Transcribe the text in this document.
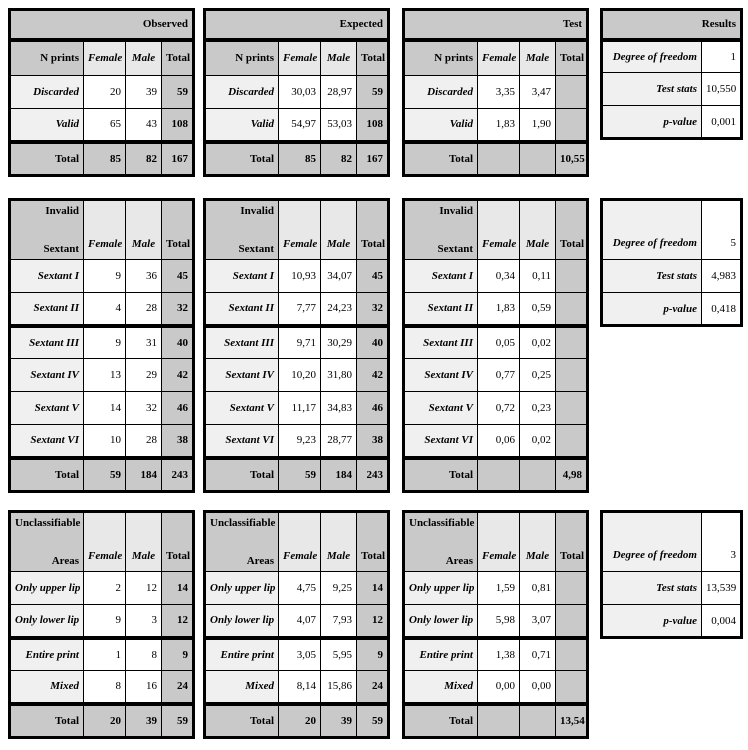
Observed			
N prints	Female	Male	Total
Discarded	20	39	59
Valid	65	43	108
Total	85	82	167
Expected			
N prints	Female	Male	Total
Discarded	30,03	28,97	59
Valid	54,97	53,03	108
Total	85	82	167
Test			
N prints	Female	Male	Total
Discarded	3,35	3,47	
Valid	1,83	1,90	
Total			10,55
Results	
Degree of freedom	1
Test stats	10,550
p-value	0,001
Invalid
Sextant	Female	Male	Total
Sextant I	9	36	45
Sextant II	4	28	32
Sextant III	9	31	40
Sextant IV	13	29	42
Sextant V	14	32	46
Sextant VI	10	28	38
Total	59	184	243
Invalid
Sextant	Female	Male	Total
Sextant I	10,93	34,07	45
Sextant II	7,77	24,23	32
Sextant III	9,71	30,29	40
Sextant IV	10,20	31,80	42
Sextant V	11,17	34,83	46
Sextant VI	9,23	28,77	38
Total	59	184	243
Invalid
Sextant	Female	Male	Total
Sextant I	0,34	0,11	
Sextant II	1,83	0,59	
Sextant III	0,05	0,02	
Sextant IV	0,77	0,25	
Sextant V	0,72	0,23	
Sextant VI	0,06	0,02	
Total			4,98
Degree of freedom	5
Test stats	4,983
p-value	0,418
Unclassifiable
Areas	Female	Male	Total
Only upper lip	2	12	14
Only lower lip	9	3	12
Entire print	1	8	9
Mixed	8	16	24
Total	20	39	59
Unclassifiable
Areas	Female	Male	Total
Only upper lip	4,75	9,25	14
Only lower lip	4,07	7,93	12
Entire print	3,05	5,95	9
Mixed	8,14	15,86	24
Total	20	39	59
Unclassifiable
Areas	Female	Male	Total
Only upper lip	1,59	0,81	
Only lower lip	5,98	3,07	
Entire print	1,38	0,71	
Mixed	0,00	0,00	
Total			13,54
Degree of freedom	3
Test stats	13,539
p-value	0,004
